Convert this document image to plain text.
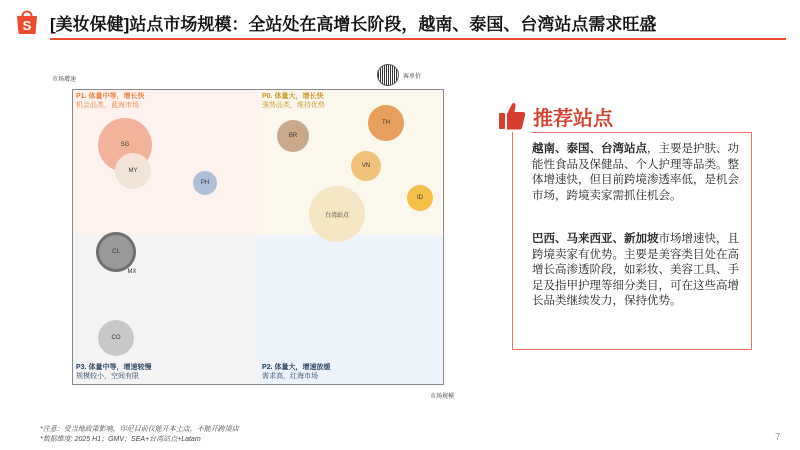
S [美妆保健]站点市场规模：全站处在高增长阶段，越南、泰国、台湾站点需求旺盛
市场增速	客单价
P1. 体量中等，增长快
机会品类，蓝海市场
P0. 体量大，增长快
强势品类，维持优势
P3. 体量中等，增速较慢
规模较小，空间有限
P2. 体量大，增速放缓
需求高，红海市场
SG
MY
PH
CL
MX
CO
BR
TH
VN
ID
台湾站点
市场规模
推荐站点
越南、泰国、台湾站点，主要是护肤、功能性食品及保健品、个人护理等品类。整体增速快，但目前跨境渗透率低，是机会市场，跨境卖家需抓住机会。
巴西、马来西亚、新加坡市场增速快，且跨境卖家有优势。主要是美容类目处在高增长高渗透阶段，如彩妆、美容工具、手足及指甲护理等细分类目，可在这些高增长品类继续发力，保持优势。
*注意：受当地政策影响，印尼目前仅能开本土店，不能开跨境店
*数据维度: 2025 H1；GMV；SEA+台湾站点+Latam	7
